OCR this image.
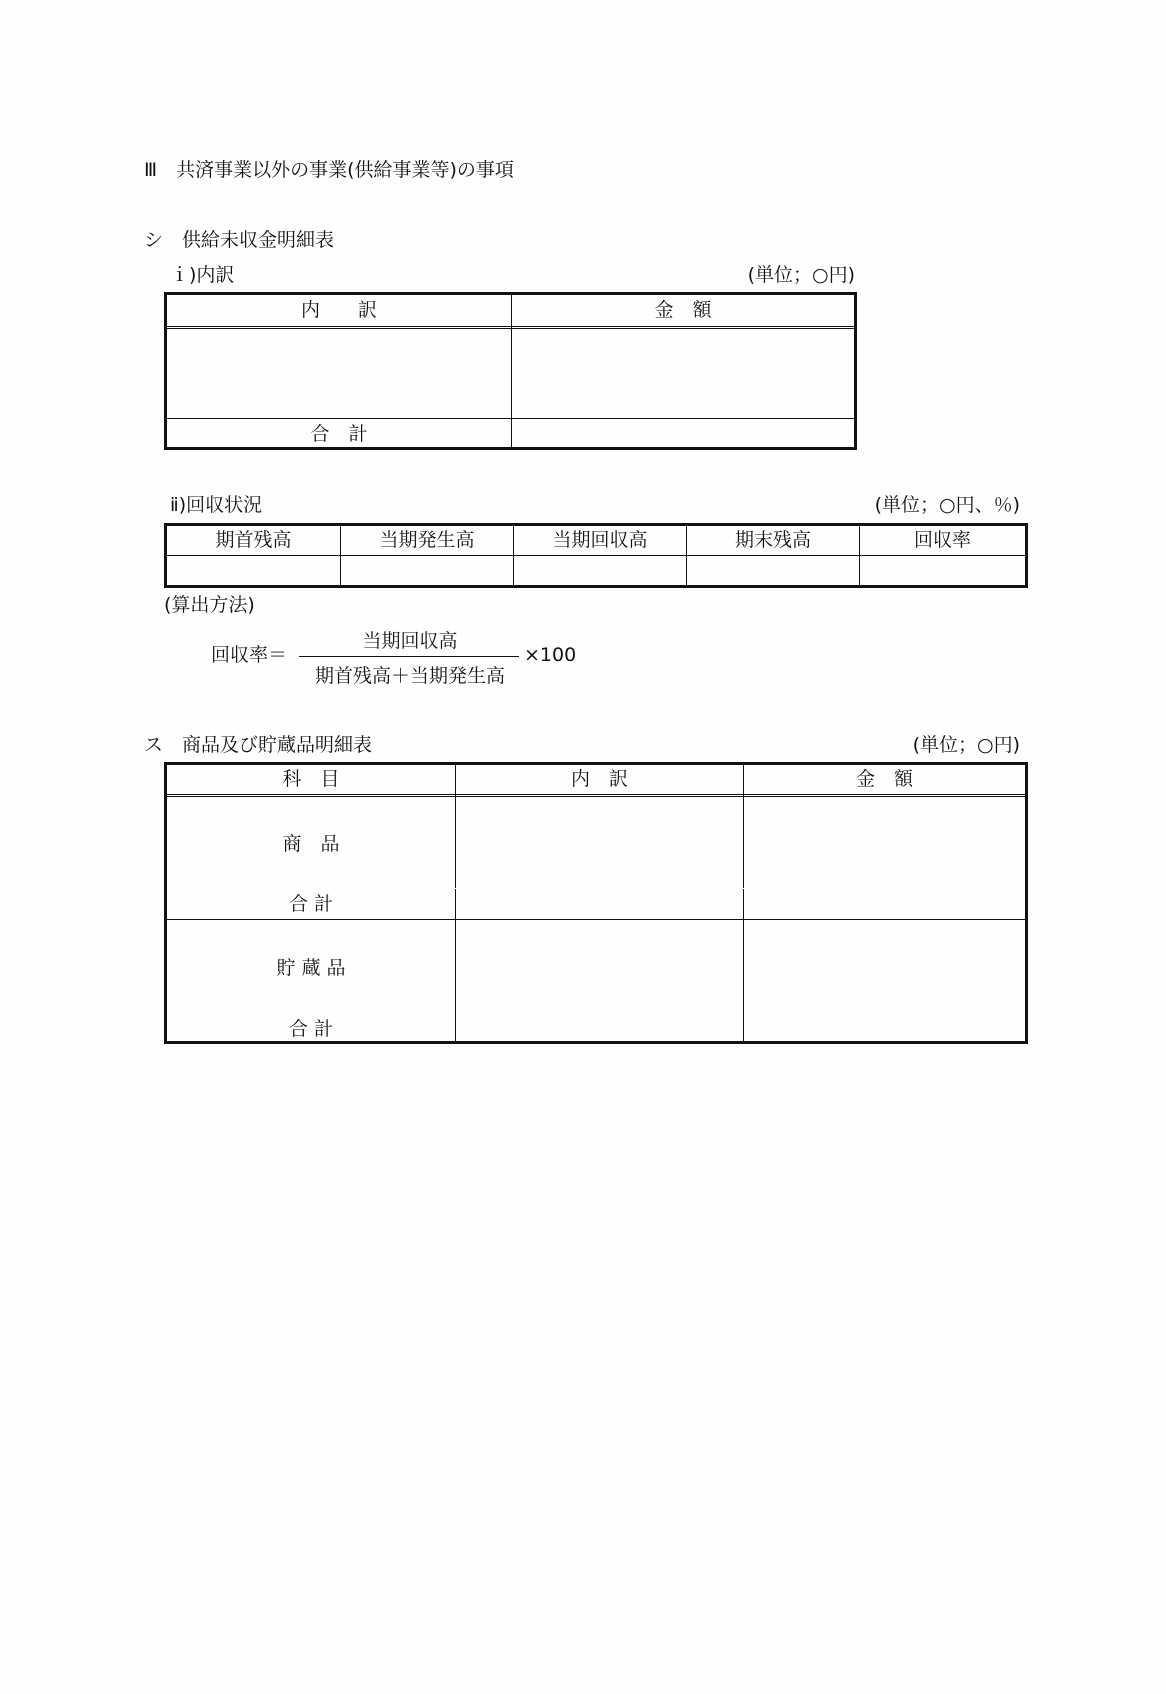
Ⅲ　共済事業以外の事業(供給事業等)の事項
シ　供給未収金明細表
ｉ)内訳	(単位；○円)
内　　訳	金　額
合　計
ⅱ)回収状況	(単位；○円、％)
期首残高	当期発生高	当期回収高	期末残高	回収率
(算出方法)
回収率＝
当期回収高
期首残高＋当期発生高
×100
ス　商品及び貯蔵品明細表	(単位；○円)
科　目	内　訳	金　額
商　品
合 計
貯 蔵 品
合 計
